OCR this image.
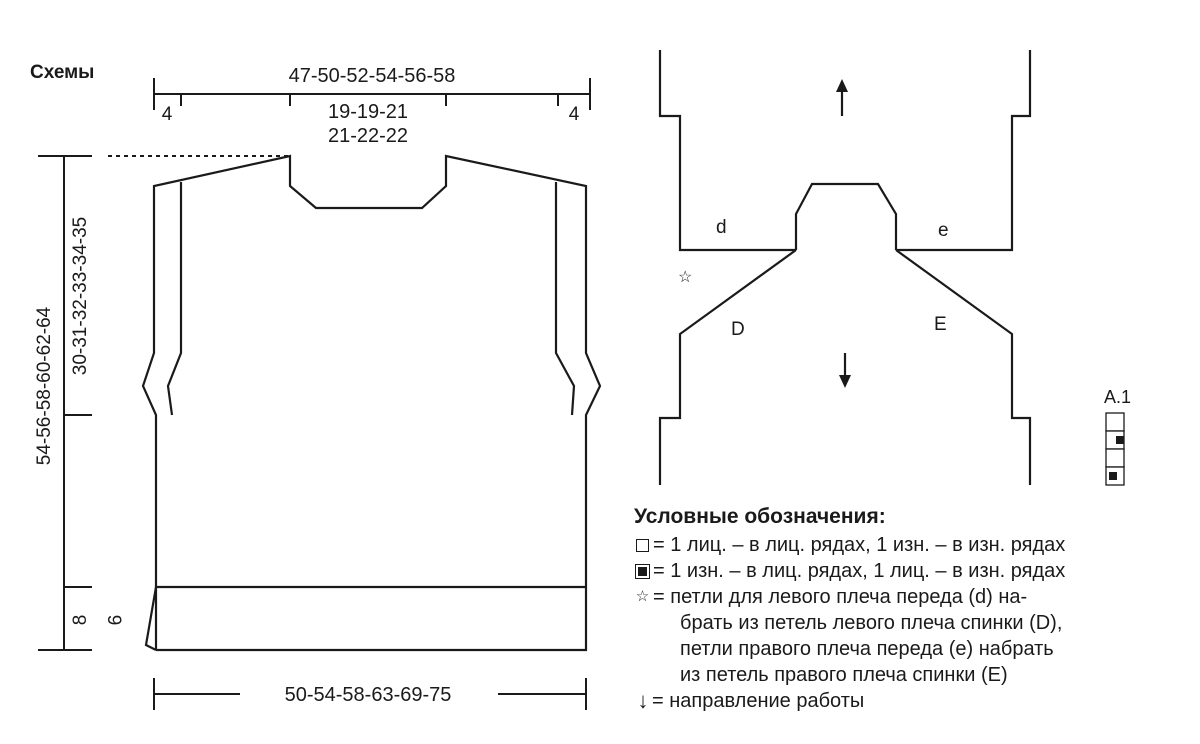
Схемы	47-50-52-54-56-58
4	4
19-19-21
21-22-22
54-56-58-60-62-64
30-31-32-33-34-35
8 9
50-54-58-63-69-75
d	e
D	E
☆
A.1
Условные обозначения:
= 1 лиц. – в лиц. рядах, 1 изн. – в изн. рядах
= 1 изн. – в лиц. рядах, 1 лиц. – в изн. рядах
☆ = петли для левого плеча переда (d) на-
брать из петель левого плеча спинки (D),
петли правого плеча переда (e) набрать
из петель правого плеча спинки (E)
↓ = направление работы
